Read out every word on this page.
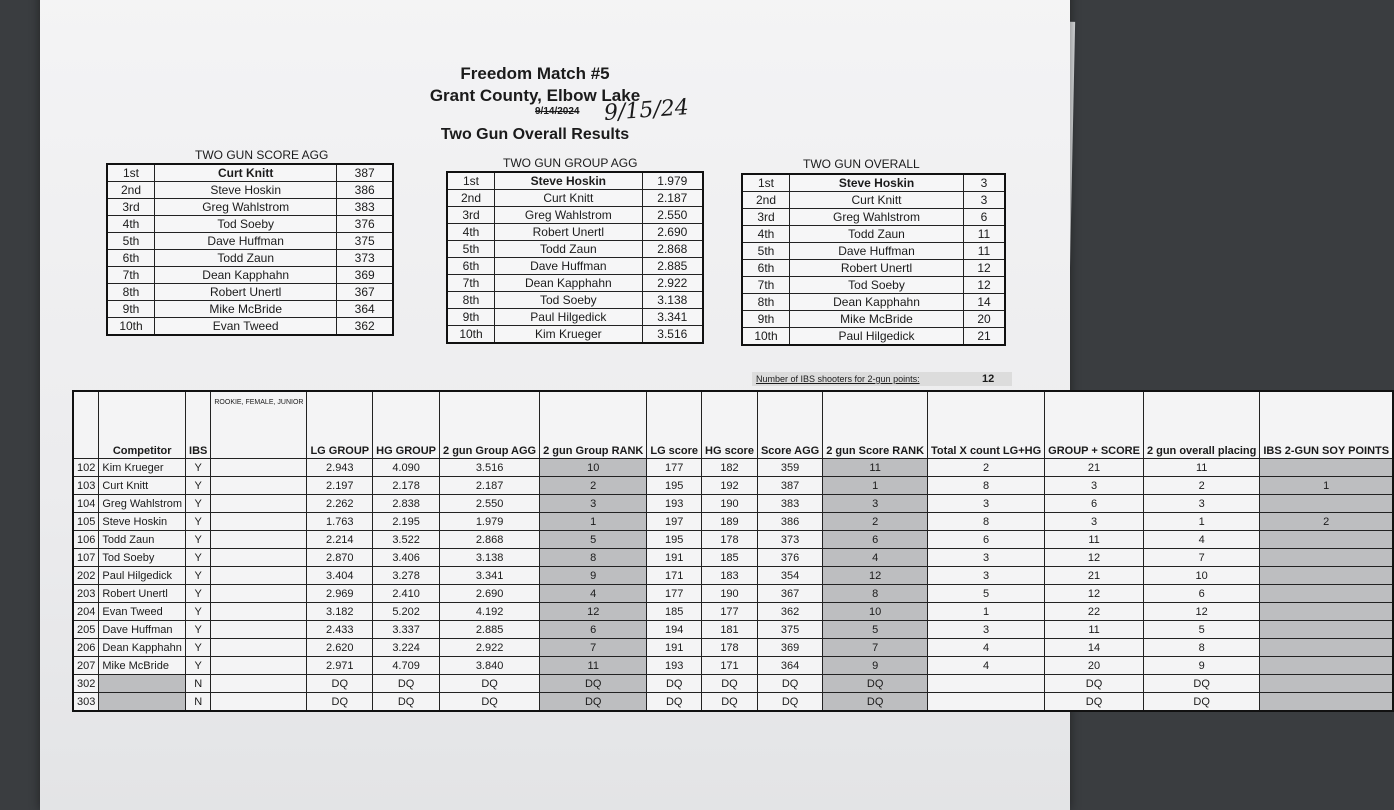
Freedom Match #5
Grant County, Elbow Lake
9/14/2024 9/15/24
Two Gun Overall Results
TWO GUN SCORE AGG
1st	Curt Knitt	387
2nd	Steve Hoskin	386
3rd	Greg Wahlstrom	383
4th	Tod Soeby	376
5th	Dave Huffman	375
6th	Todd Zaun	373
7th	Dean Kapphahn	369
8th	Robert Unertl	367
9th	Mike McBride	364
10th	Evan Tweed	362
TWO GUN GROUP AGG
1st	Steve Hoskin	1.979
2nd	Curt Knitt	2.187
3rd	Greg Wahlstrom	2.550
4th	Robert Unertl	2.690
5th	Todd Zaun	2.868
6th	Dave Huffman	2.885
7th	Dean Kapphahn	2.922
8th	Tod Soeby	3.138
9th	Paul Hilgedick	3.341
10th	Kim Krueger	3.516
TWO GUN OVERALL
1st	Steve Hoskin	3
2nd	Curt Knitt	3
3rd	Greg Wahlstrom	6
4th	Todd Zaun	11
5th	Dave Huffman	11
6th	Robert Unertl	12
7th	Tod Soeby	12
8th	Dean Kapphahn	14
9th	Mike McBride	20
10th	Paul Hilgedick	21
Number of IBS shooters for 2-gun points:	12
	Competitor	IBS	ROOKIE, FEMALE, JUNIOR	LG GROUP	HG GROUP	2 gun Group AGG	2 gun Group RANK	LG score	HG score	Score AGG	2 gun Score RANK	Total X count LG+HG	GROUP + SCORE	2 gun overall placing	IBS 2-GUN SOY POINTS
102	Kim Krueger	Y		2.943	4.090	3.516	10	177	182	359	11	2	21	11	
103	Curt Knitt	Y		2.197	2.178	2.187	2	195	192	387	1	8	3	2	1
104	Greg Wahlstrom	Y		2.262	2.838	2.550	3	193	190	383	3	3	6	3	
105	Steve Hoskin	Y		1.763	2.195	1.979	1	197	189	386	2	8	3	1	2
106	Todd Zaun	Y		2.214	3.522	2.868	5	195	178	373	6	6	11	4	
107	Tod Soeby	Y		2.870	3.406	3.138	8	191	185	376	4	3	12	7	
202	Paul Hilgedick	Y		3.404	3.278	3.341	9	171	183	354	12	3	21	10	
203	Robert Unertl	Y		2.969	2.410	2.690	4	177	190	367	8	5	12	6	
204	Evan Tweed	Y		3.182	5.202	4.192	12	185	177	362	10	1	22	12	
205	Dave Huffman	Y		2.433	3.337	2.885	6	194	181	375	5	3	11	5	
206	Dean Kapphahn	Y		2.620	3.224	2.922	7	191	178	369	7	4	14	8	
207	Mike McBride	Y		2.971	4.709	3.840	11	193	171	364	9	4	20	9	
302		N		DQ	DQ	DQ	DQ	DQ	DQ	DQ	DQ		DQ	DQ	
303		N		DQ	DQ	DQ	DQ	DQ	DQ	DQ	DQ		DQ	DQ	
